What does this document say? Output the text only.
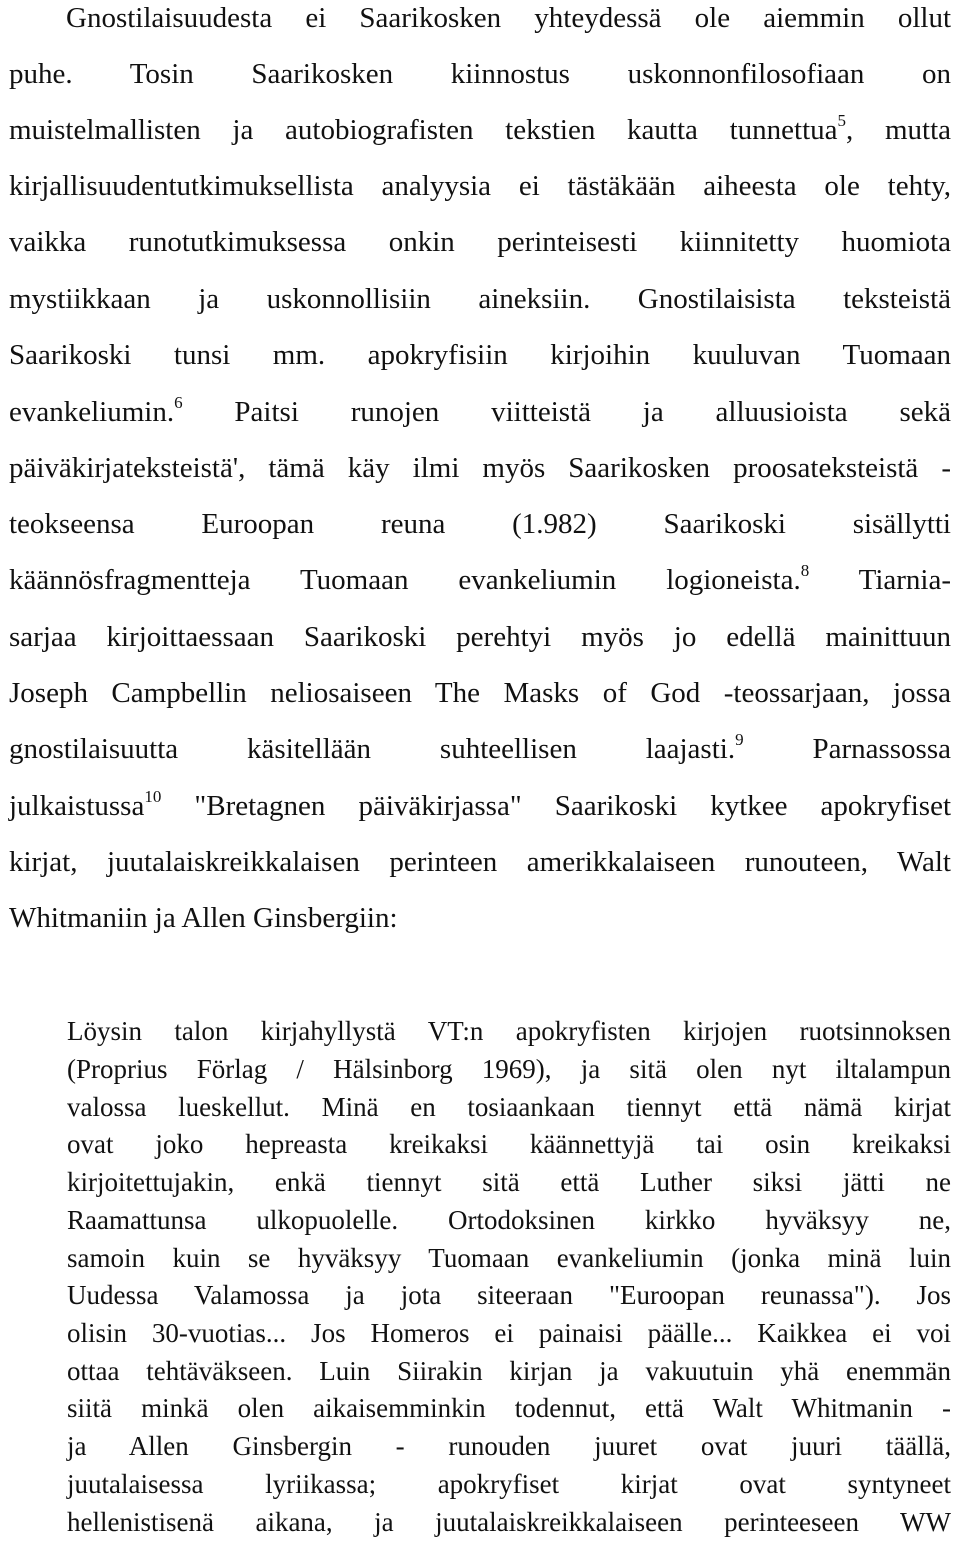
Gnostilaisuudesta ei Saarikosken yhteydessä ole aiemmin ollut
puhe. Tosin Saarikosken kiinnostus uskonnonfilosofiaan on
muistelmallisten ja autobiografisten tekstien kautta tunnettua$^5$, mutta
kirjallisuudentutkimuksellista analyysia ei tästäkään aiheesta ole tehty,
vaikka runotutkimuksessa onkin perinteisesti kiinnitetty huomiota
mystiikkaan ja uskonnollisiin aineksiin. Gnostilaisista teksteistä
Saarikoski tunsi mm. apokryfisiin kirjoihin kuuluvan Tuomaan
evankeliumin.$^6$ Paitsi runojen viitteistä ja alluusioista sekä
päiväkirjateksteistä', tämä käy ilmi myös Saarikosken proosateksteistä -
teokseensa Euroopan reuna (1.982) Saarikoski sisällytti
käännösfragmentteja Tuomaan evankeliumin logioneista.$^8$ Tiarnia-
sarjaa kirjoittaessaan Saarikoski perehtyi myös jo edellä mainittuun
Joseph Campbellin neliosaiseen The Masks of God -teossarjaan, jossa
gnostilaisuutta käsitellään suhteellisen laajasti.$^9$ Parnassossa
julkaistussa$^{10}$ "Bretagnen päiväkirjassa" Saarikoski kytkee apokryfiset
kirjat, juutalaiskreikkalaisen perinteen amerikkalaiseen runouteen, Walt
Whitmaniin ja Allen Ginsbergiin:
Löysin talon kirjahyllystä VT:n apokryfisten kirjojen ruotsinnoksen
(Proprius Förlag / Hälsinborg 1969), ja sitä olen nyt iltalampun
valossa lueskellut. Minä en tosiaankaan tiennyt että nämä kirjat
ovat joko hepreasta kreikaksi käännettyjä tai osin kreikaksi
kirjoitettujakin, enkä tiennyt sitä että Luther siksi jätti ne
Raamattunsa ulkopuolelle. Ortodoksinen kirkko hyväksyy ne,
samoin kuin se hyväksyy Tuomaan evankeliumin (jonka minä luin
Uudessa Valamossa ja jota siteeraan "Euroopan reunassa"). Jos
olisin 30-vuotias... Jos Homeros ei painaisi päälle... Kaikkea ei voi
ottaa tehtäväkseen. Luin Siirakin kirjan ja vakuutuin yhä enemmän
siitä minkä olen aikaisemminkin todennut, että Walt Whitmanin -
ja Allen Ginsbergin - runouden juuret ovat juuri täällä,
juutalaisessa lyriikassa; apokryfiset kirjat ovat syntyneet
hellenistisenä aikana, ja juutalaiskreikkalaiseen perinteeseen WW
